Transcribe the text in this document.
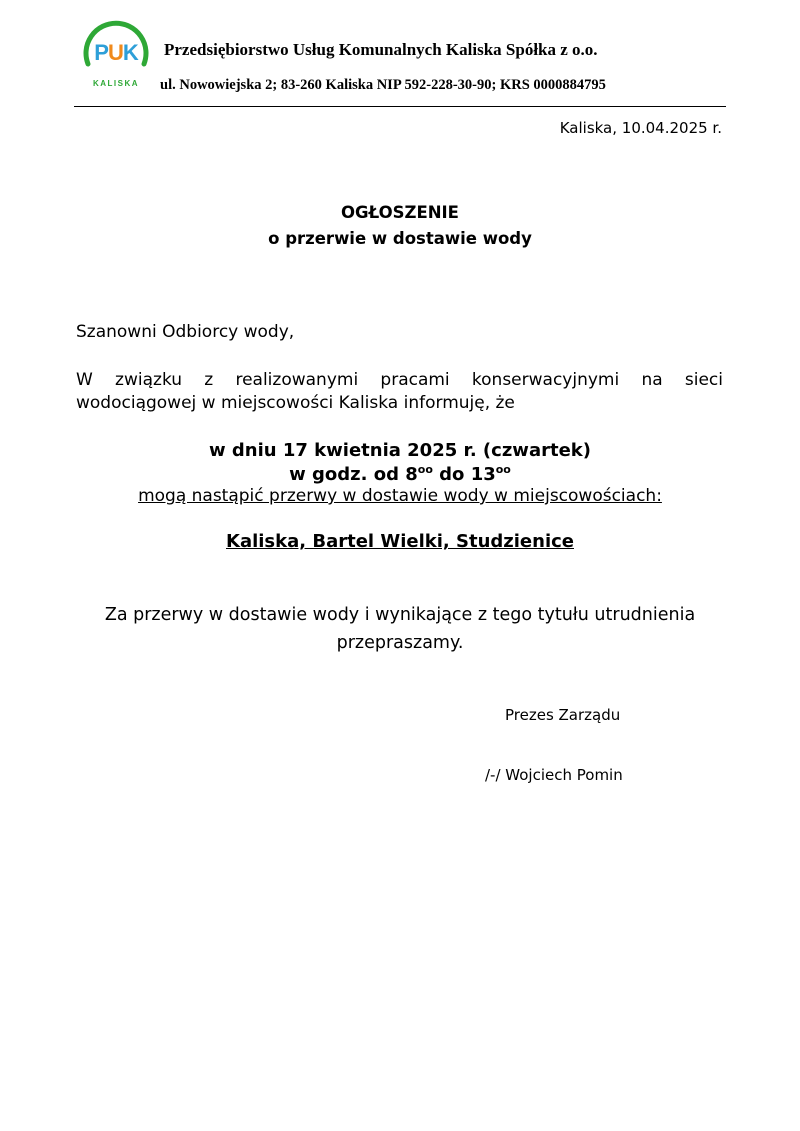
PUK
KALISKA
Przedsiębiorstwo Usług Komunalnych Kaliska Spółka z o.o.
ul. Nowowiejska 2; 83-260 Kaliska NIP 592-228-30-90; KRS 0000884795
Kaliska, 10.04.2025 r.
OGŁOSZENIE
o przerwie w dostawie wody
Szanowni Odbiorcy wody,
W związku z realizowanymi pracami konserwacyjnymi na sieci wodociągowej w miejscowości Kaliska informuję, że
w dniu 17 kwietnia 2025 r. (czwartek)
w godz. od $8^{oo}$ do $13^{oo}$
mogą nastąpić przerwy w dostawie wody w miejscowościach:
Kaliska, Bartel Wielki, Studzienice
Za przerwy w dostawie wody i wynikające z tego tytułu utrudnienia
przepraszamy.
Prezes Zarządu
/-/ Wojciech Pomin
